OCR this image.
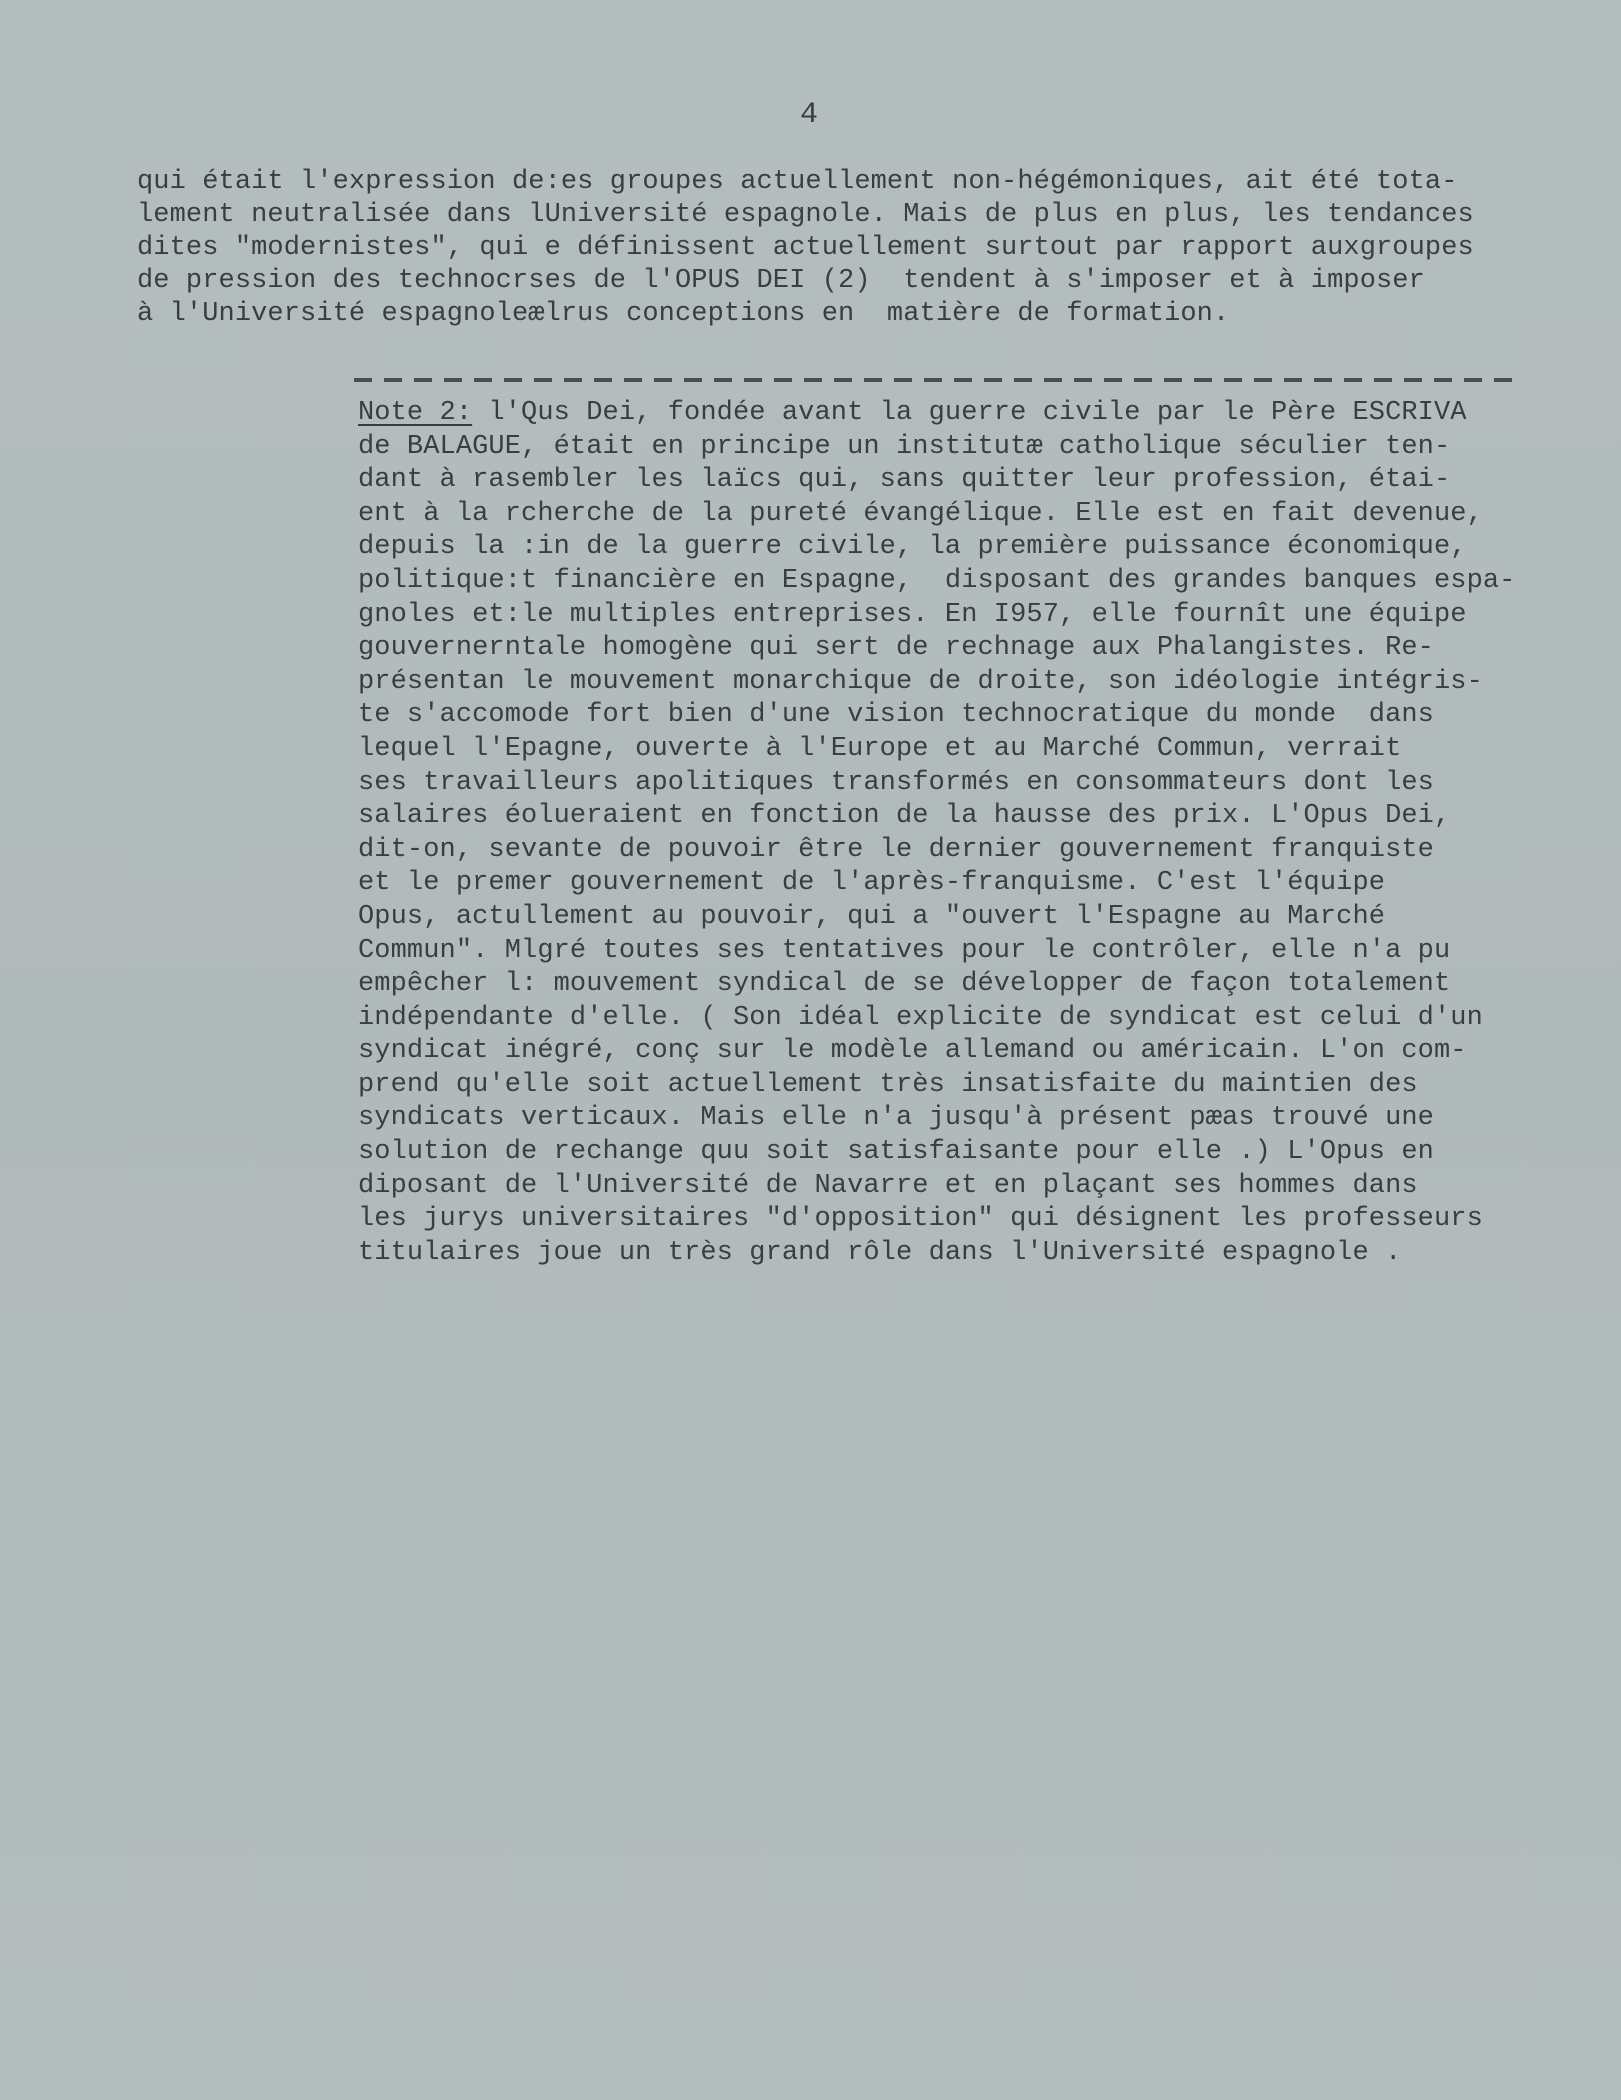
4
qui était l'expression de:es groupes actuellement non-hégémoniques, ait été tota-
lement neutralisée dans lUniversité espagnole. Mais de plus en plus, les tendances
dites "modernistes", qui e définissent actuellement surtout par rapport auxgroupes
de pression des technocrses de l'OPUS DEI (2)  tendent à s'imposer et à imposer
à l'Université espagnoleælrus conceptions en  matière de formation.
Note 2: l'Qus Dei, fondée avant la guerre civile par le Père ESCRIVA
de BALAGUE, était en principe un institutæ catholique séculier ten-
dant à rasembler les laïcs qui, sans quitter leur profession, étai-
ent à la rcherche de la pureté évangélique. Elle est en fait devenue,
depuis la :in de la guerre civile, la première puissance économique,
politique:t financière en Espagne,  disposant des grandes banques espa-
gnoles et:le multiples entreprises. En I957, elle fournît une équipe
gouvernerntale homogène qui sert de rechnage aux Phalangistes. Re-
présentan le mouvement monarchique de droite, son idéologie intégris-
te s'accomode fort bien d'une vision technocratique du monde  dans
lequel l'Epagne, ouverte à l'Europe et au Marché Commun, verrait
ses travailleurs apolitiques transformés en consommateurs dont les
salaires éolueraient en fonction de la hausse des prix. L'Opus Dei,
dit-on, sevante de pouvoir être le dernier gouvernement franquiste
et le premer gouvernement de l'après-franquisme. C'est l'équipe
Opus, actullement au pouvoir, qui a "ouvert l'Espagne au Marché
Commun". Mlgré toutes ses tentatives pour le contrôler, elle n'a pu
empêcher l: mouvement syndical de se développer de façon totalement
indépendante d'elle. ( Son idéal explicite de syndicat est celui d'un
syndicat inégré, conç sur le modèle allemand ou américain. L'on com-
prend qu'elle soit actuellement très insatisfaite du maintien des
syndicats verticaux. Mais elle n'a jusqu'à présent pæas trouvé une
solution de rechange quu soit satisfaisante pour elle .) L'Opus en
diposant de l'Université de Navarre et en plaçant ses hommes dans
les jurys universitaires "d'opposition" qui désignent les professeurs
titulaires joue un très grand rôle dans l'Université espagnole .
